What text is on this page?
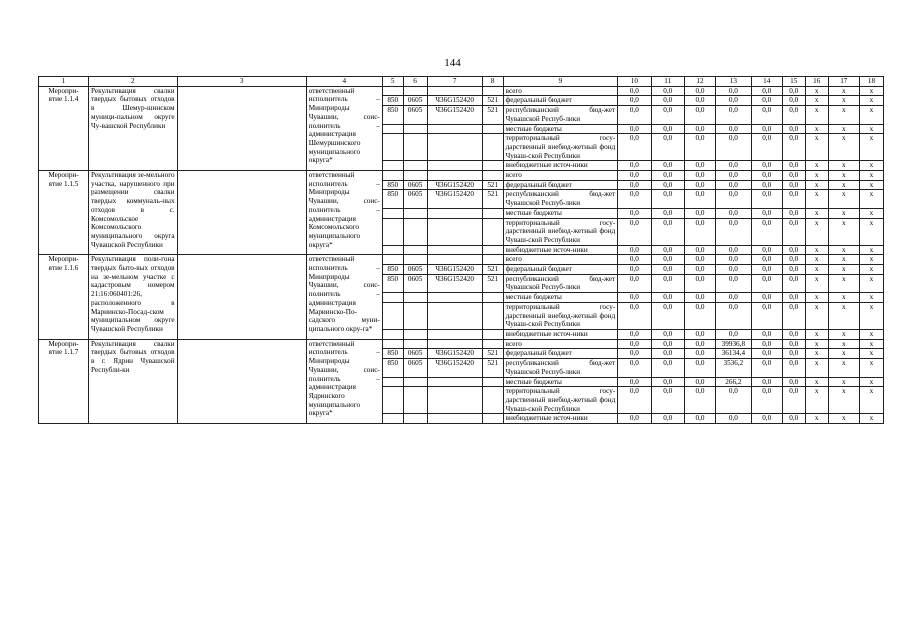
144
1	2	3	4	5	6	7	8	9	10	11	12	13	14	15	16	17	18
Меропри-
ятие 1.1.4	Рекультивация свалки твердых бытовых отходов в Шемур-шинском муници-пальном округе Чу-вашской Республики		ответственный исполнитель – Минприроды Чувашии, соис-полнитель – администрация Шемуршинского муниципального округа*					всего	0,0	0,0	0,0	0,0	0,0	0,0	x	x	x
				850	0605	Ч36G152420	521	федеральный бюджет	0,0	0,0	0,0	0,0	0,0	0,0	x	x	x
				850	0605	Ч36G152420	521	республиканский бюд-жет Чувашской Респуб-лики	0,0	0,0	0,0	0,0	0,0	0,0	x	x	x
								местные бюджеты	0,0	0,0	0,0	0,0	0,0	0,0	x	x	x
								территориальный госу-дарственный внебюд-жетный фонд Чуваш-ской Республики	0,0	0,0	0,0	0,0	0,0	0,0	x	x	x
								внебюджетные источ-ники	0,0	0,0	0,0	0,0	0,0	0,0	x	x	x
Меропри-
ятие 1.1.5	Рекультивация зе-мельного участка, нарушенного при размещении свалки твердых коммуналь-ных отходов в с. Комсомольское Комсомольского муниципального округа Чувашской Республики		ответственный исполнитель – Минприроды Чувашии, соис-полнитель – администрация Комсомольского муниципального округа*					всего	0,0	0,0	0,0	0,0	0,0	0,0	x	x	x
				850	0605	Ч36G152420	521	федеральный бюджет	0,0	0,0	0,0	0,0	0,0	0,0	x	x	x
				850	0605	Ч36G152420	521	республиканский бюд-жет Чувашской Респуб-лики	0,0	0,0	0,0	0,0	0,0	0,0	x	x	x
								местные бюджеты	0,0	0,0	0,0	0,0	0,0	0,0	x	x	x
								территориальный госу-дарственный внебюд-жетный фонд Чуваш-ской Республики	0,0	0,0	0,0	0,0	0,0	0,0	x	x	x
								внебюджетные источ-ники	0,0	0,0	0,0	0,0	0,0	0,0	x	x	x
Меропри-
ятие 1.1.6	Рекультивация поли-гона твердых быто-вых отходов на зе-мельном участке с кадастровым номером 21:16:060401:26, расположенного в Мариинско-Посад-ском муниципальном округе Чувашской Республики		ответственный исполнитель – Минприроды Чувашии, соис-полнитель – администрация Мариинско-По-садского муни-ципального окру-га*					всего	0,0	0,0	0,0	0,0	0,0	0,0	x	x	x
				850	0605	Ч36G152420	521	федеральный бюджет	0,0	0,0	0,0	0,0	0,0	0,0	x	x	x
				850	0605	Ч36G152420	521	республиканский бюд-жет Чувашской Респуб-лики	0,0	0,0	0,0	0,0	0,0	0,0	x	x	x
								местные бюджеты	0,0	0,0	0,0	0,0	0,0	0,0	x	x	x
								территориальный госу-дарственный внебюд-жетный фонд Чуваш-ской Республики	0,0	0,0	0,0	0,0	0,0	0,0	x	x	x
								внебюджетные источ-ники	0,0	0,0	0,0	0,0	0,0	0,0	x	x	x
Меропри-
ятие 1.1.7	Рекультивация свалки твердых бытовых отходов в г. Ядрин Чувашской Республи-ки		ответственный исполнитель – Минприроды Чувашии, соис-полнитель – администрация Ядринского муниципального округа*					всего	0,0	0,0	0,0	39936,8	0,0	0,0	x	x	x
				850	0605	Ч36G152420	521	федеральный бюджет	0,0	0,0	0,0	36134,4	0,0	0,0	x	x	x
				850	0605	Ч36G152420	521	республиканский бюд-жет Чувашской Респуб-лики	0,0	0,0	0,0	3536,2	0,0	0,0	x	x	x
								местные бюджеты	0,0	0,0	0,0	266,2	0,0	0,0	x	x	x
								территориальный госу-дарственный внебюд-жетный фонд Чуваш-ской Республики	0,0	0,0	0,0	0,0	0,0	0,0	x	x	x
								внебюджетные источ-ники	0,0	0,0	0,0	0,0	0,0	0,0	x	x	x
